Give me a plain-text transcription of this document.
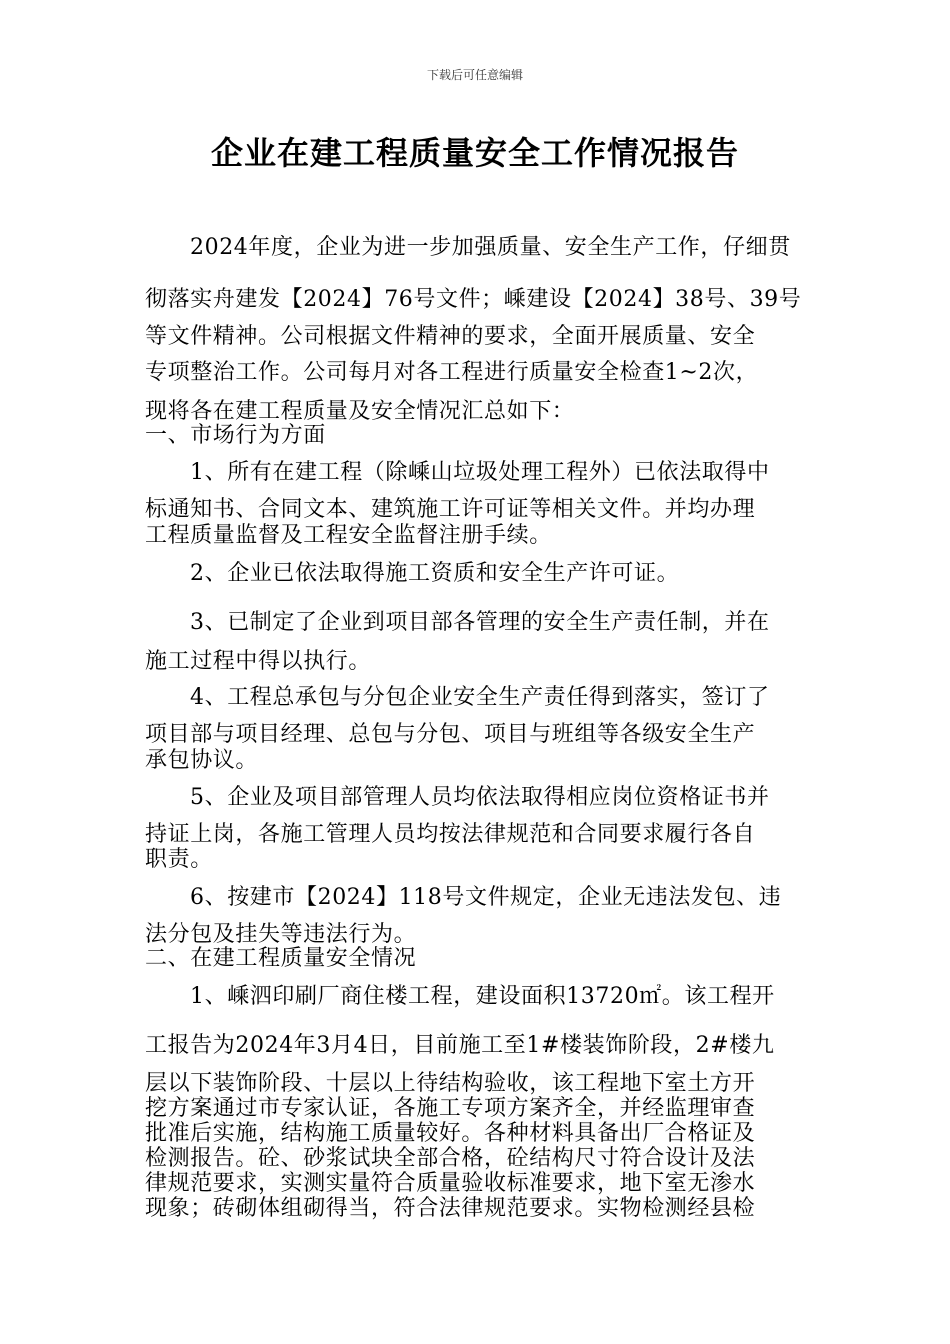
下载后可任意编辑
企业在建工程质量安全工作情况报告
2024年度，企业为进一步加强质量、安全生产工作，仔细贯
彻落实舟建发【2024】76号文件；嵊建设【2024】38号、39号
等文件精神。公司根据文件精神的要求，全面开展质量、安全
专项整治工作。公司每月对各工程进行质量安全检查1~2次，
现将各在建工程质量及安全情况汇总如下：
一、市场行为方面
1、所有在建工程（除嵊山垃圾处理工程外）已依法取得中
标通知书、合同文本、建筑施工许可证等相关文件。并均办理
工程质量监督及工程安全监督注册手续。
2、企业已依法取得施工资质和安全生产许可证。
3、已制定了企业到项目部各管理的安全生产责任制，并在
施工过程中得以执行。
4、工程总承包与分包企业安全生产责任得到落实，签订了
项目部与项目经理、总包与分包、项目与班组等各级安全生产
承包协议。
5、企业及项目部管理人员均依法取得相应岗位资格证书并
持证上岗，各施工管理人员均按法律规范和合同要求履行各自
职责。
6、按建市【2024】118号文件规定，企业无违法发包、违
法分包及挂失等违法行为。
二、在建工程质量安全情况
1、嵊泗印刷厂商住楼工程，建设面积13720㎡。该工程开
工报告为2024年3月4日，目前施工至1#楼装饰阶段，2#楼九
层以下装饰阶段、十层以上待结构验收，该工程地下室土方开
挖方案通过市专家认证，各施工专项方案齐全，并经监理审查
批准后实施，结构施工质量较好。各种材料具备出厂合格证及
检测报告。砼、砂浆试块全部合格，砼结构尺寸符合设计及法
律规范要求，实测实量符合质量验收标准要求，地下室无渗水
现象；砖砌体组砌得当，符合法律规范要求。实物检测经县检
